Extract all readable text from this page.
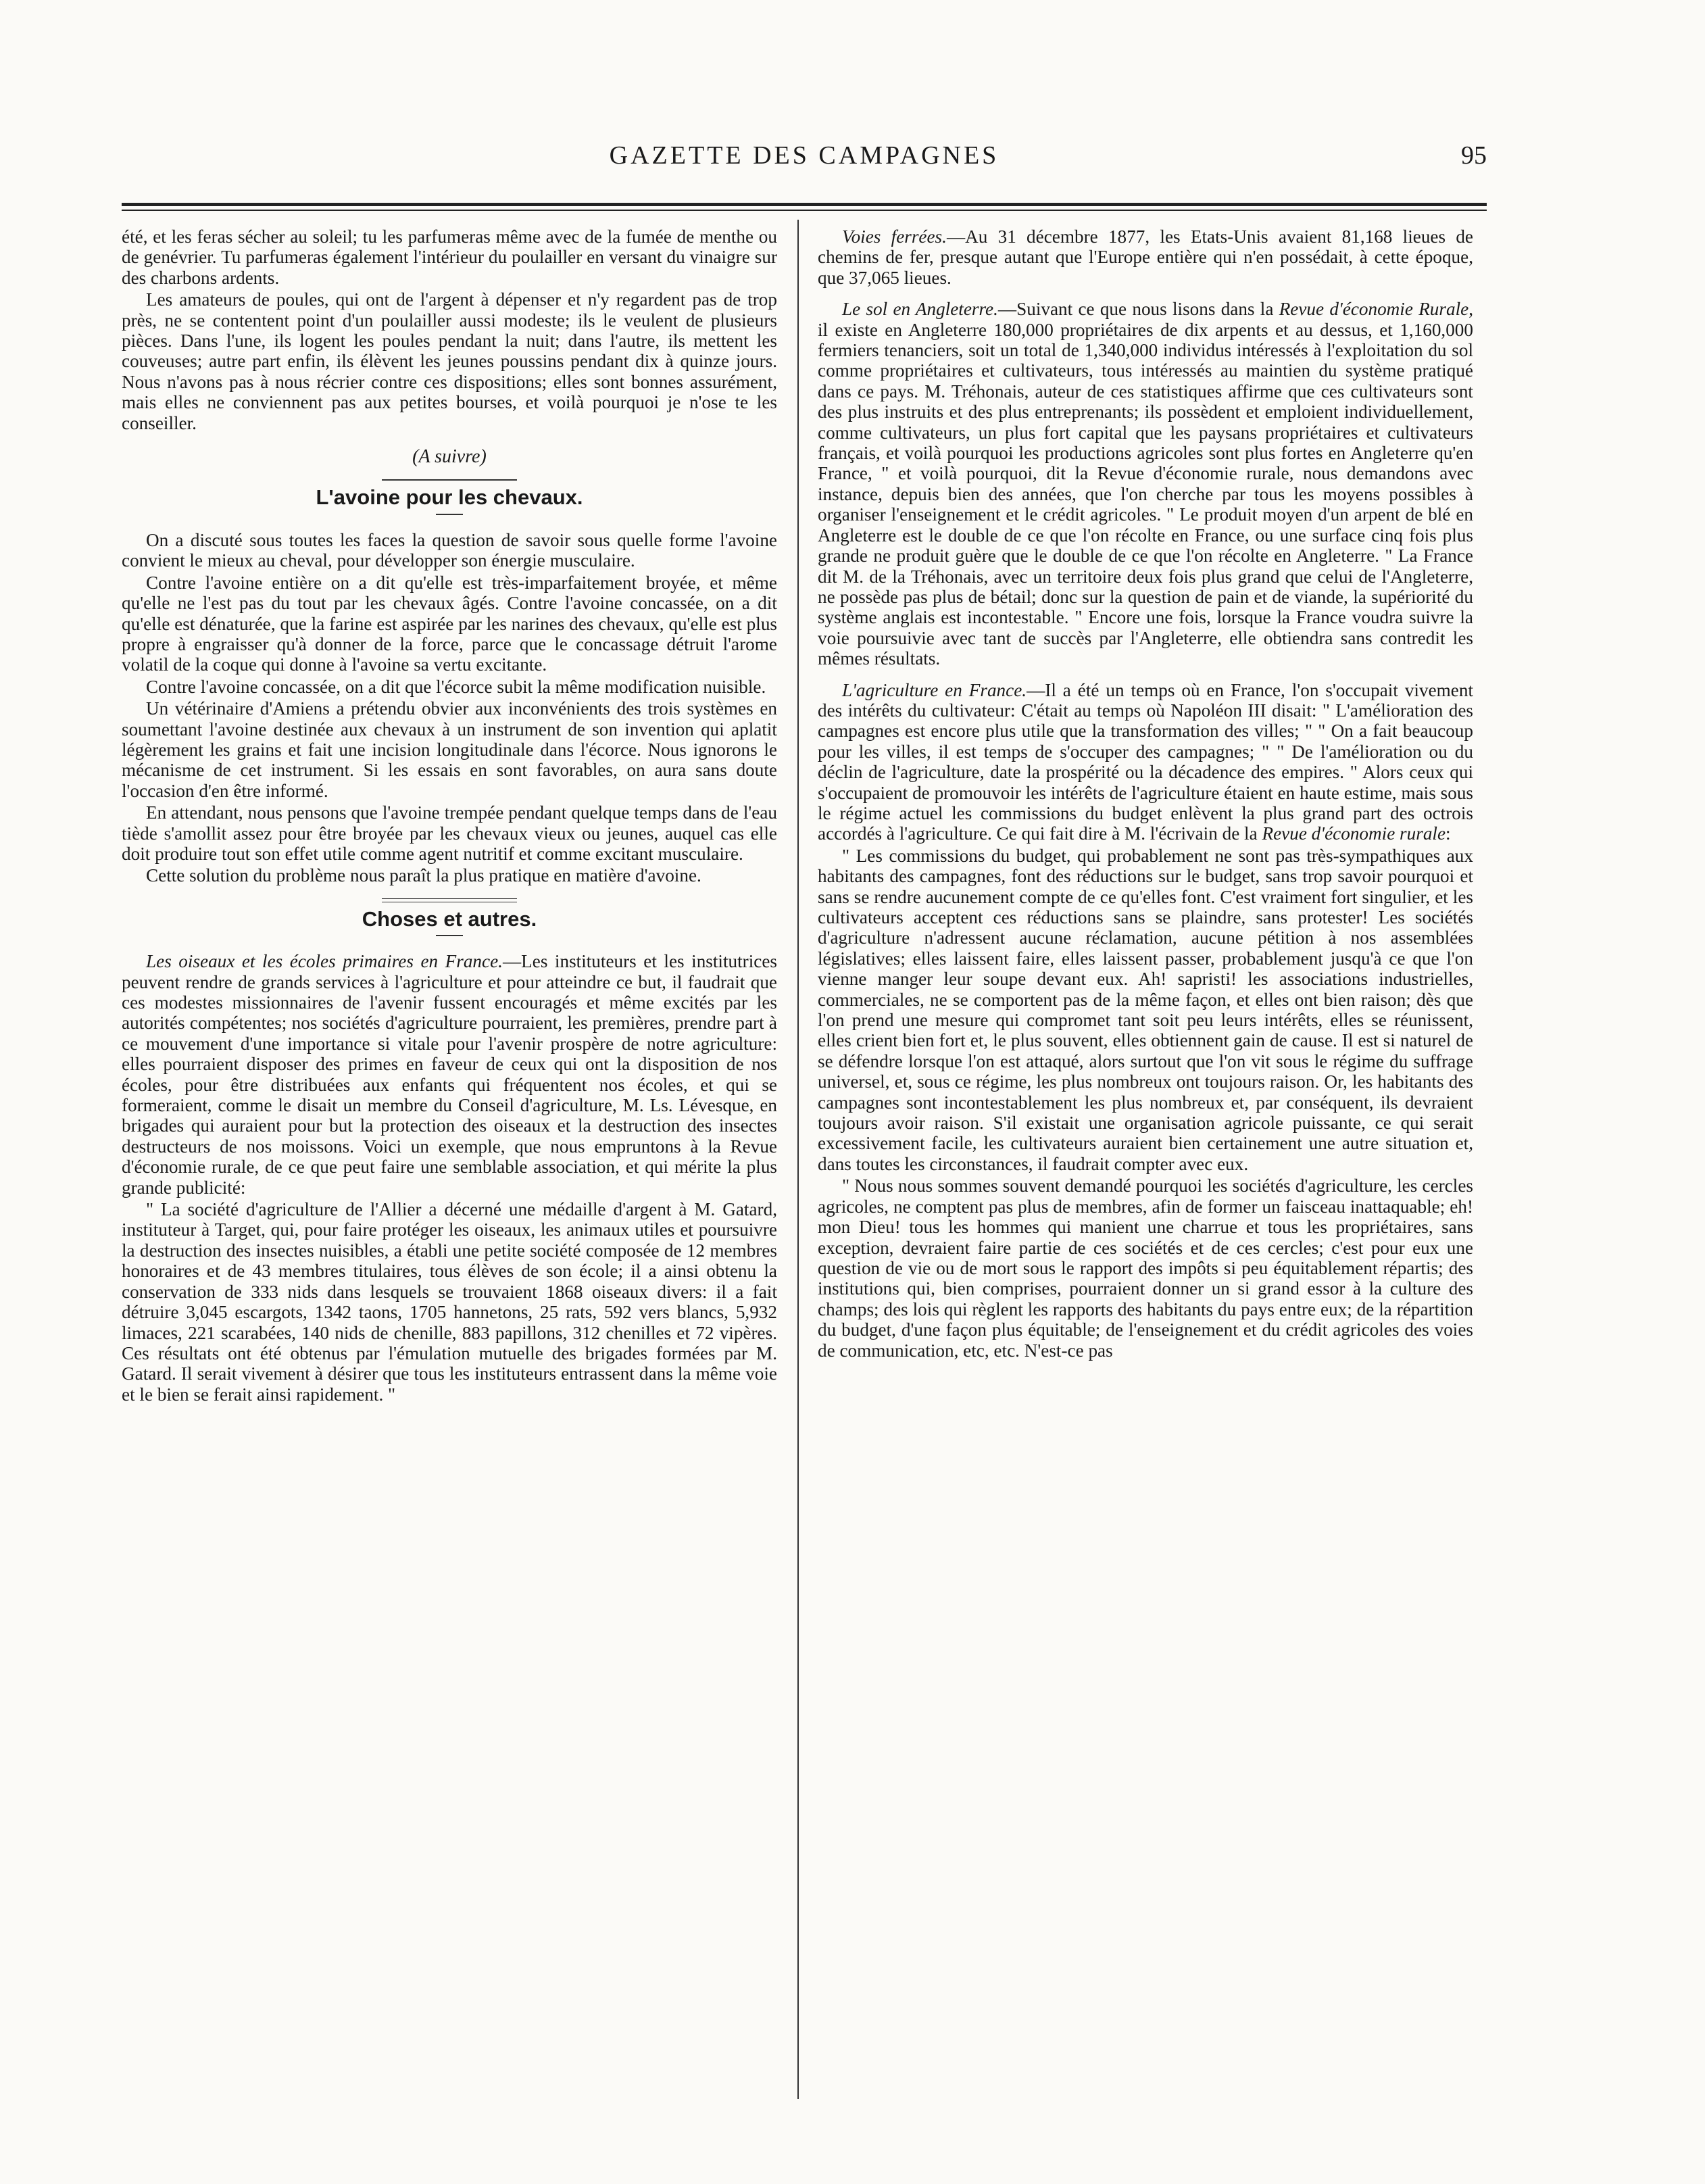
GAZETTE DES CAMPAGNES	95

été, et les feras sécher au soleil; tu les parfumeras même avec de la fumée de menthe ou de genévrier. Tu parfumeras également l'intérieur du poulailler en versant du vinaigre sur des charbons ardents.

Les amateurs de poules, qui ont de l'argent à dépenser et n'y regardent pas de trop près, ne se contentent point d'un poulailler aussi modeste; ils le veulent de plusieurs pièces. Dans l'une, ils logent les poules pendant la nuit; dans l'autre, ils mettent les couveuses; autre part enfin, ils élèvent les jeunes poussins pendant dix à quinze jours. Nous n'avons pas à nous récrier contre ces dispositions; elles sont bonnes assurément, mais elles ne conviennent pas aux petites bourses, et voilà pourquoi je n'ose te les conseiller.

(A suivre)
L'avoine pour les chevaux.

On a discuté sous toutes les faces la question de savoir sous quelle forme l'avoine convient le mieux au cheval, pour développer son énergie musculaire.

Contre l'avoine entière on a dit qu'elle est très-imparfaitement broyée, et même qu'elle ne l'est pas du tout par les chevaux âgés. Contre l'avoine concassée, on a dit qu'elle est dénaturée, que la farine est aspirée par les narines des chevaux, qu'elle est plus propre à engraisser qu'à donner de la force, parce que le concassage détruit l'arome volatil de la coque qui donne à l'avoine sa vertu excitante.

Contre l'avoine concassée, on a dit que l'écorce subit la même modification nuisible.

Un vétérinaire d'Amiens a prétendu obvier aux inconvénients des trois systèmes en soumettant l'avoine destinée aux chevaux à un instrument de son invention qui aplatit légèrement les grains et fait une incision longitudinale dans l'écorce. Nous ignorons le mécanisme de cet instrument. Si les essais en sont favorables, on aura sans doute l'occasion d'en être informé.

En attendant, nous pensons que l'avoine trempée pendant quelque temps dans de l'eau tiède s'amollit assez pour être broyée par les chevaux vieux ou jeunes, auquel cas elle doit produire tout son effet utile comme agent nutritif et comme excitant musculaire.

Cette solution du problème nous paraît la plus pratique en matière d'avoine.

Choses et autres.

Les oiseaux et les écoles primaires en France.—Les instituteurs et les institutrices peuvent rendre de grands services à l'agriculture et pour atteindre ce but, il faudrait que ces modestes missionnaires de l'avenir fussent encouragés et même excités par les autorités compétentes; nos sociétés d'agriculture pourraient, les premières, prendre part à ce mouvement d'une importance si vitale pour l'avenir prospère de notre agriculture: elles pourraient disposer des primes en faveur de ceux qui ont la disposition de nos écoles, pour être distribuées aux enfants qui fréquentent nos écoles, et qui se formeraient, comme le disait un membre du Conseil d'agriculture, M. Ls. Lévesque, en brigades qui auraient pour but la protection des oiseaux et la destruction des insectes destructeurs de nos moissons. Voici un exemple, que nous empruntons à la Revue d'économie rurale, de ce que peut faire une semblable association, et qui mérite la plus grande publicité:

" La société d'agriculture de l'Allier a décerné une médaille d'argent à M. Gatard, instituteur à Target, qui, pour faire protéger les oiseaux, les animaux utiles et poursuivre la destruction des insectes nuisibles, a établi une petite société composée de 12 membres honoraires et de 43 membres titulaires, tous élèves de son école; il a ainsi obtenu la conservation de 333 nids dans lesquels se trouvaient 1868 oiseaux divers: il a fait détruire 3,045 escargots, 1342 taons, 1705 hannetons, 25 rats, 592 vers blancs, 5,932 limaces, 221 scarabées, 140 nids de chenille, 883 papillons, 312 chenilles et 72 vipères. Ces résultats ont été obtenus par l'émulation mutuelle des brigades formées par M. Gatard. Il serait vivement à désirer que tous les instituteurs entrassent dans la même voie et le bien se ferait ainsi rapidement. "

Voies ferrées.—Au 31 décembre 1877, les Etats-Unis avaient 81,168 lieues de chemins de fer, presque autant que l'Europe entière qui n'en possédait, à cette époque, que 37,065 lieues.

Le sol en Angleterre.—Suivant ce que nous lisons dans la Revue d'économie Rurale, il existe en Angleterre 180,000 propriétaires de dix arpents et au dessus, et 1,160,000 fermiers tenanciers, soit un total de 1,340,000 individus intéressés à l'exploitation du sol comme propriétaires et cultivateurs, tous intéressés au maintien du système pratiqué dans ce pays. M. Tréhonais, auteur de ces statistiques affirme que ces cultivateurs sont des plus instruits et des plus entreprenants; ils possèdent et emploient individuellement, comme cultivateurs, un plus fort capital que les paysans propriétaires et cultivateurs français, et voilà pourquoi les productions agricoles sont plus fortes en Angleterre qu'en France, " et voilà pourquoi, dit la Revue d'économie rurale, nous demandons avec instance, depuis bien des années, que l'on cherche par tous les moyens possibles à organiser l'enseignement et le crédit agricoles. " Le produit moyen d'un arpent de blé en Angleterre est le double de ce que l'on récolte en France, ou une surface cinq fois plus grande ne produit guère que le double de ce que l'on récolte en Angleterre. " La France dit M. de la Tréhonais, avec un territoire deux fois plus grand que celui de l'Angleterre, ne possède pas plus de bétail; donc sur la question de pain et de viande, la supériorité du système anglais est incontestable. " Encore une fois, lorsque la France voudra suivre la voie poursuivie avec tant de succès par l'Angleterre, elle obtiendra sans contredit les mêmes résultats.

L'agriculture en France.—Il a été un temps où en France, l'on s'occupait vivement des intérêts du cultivateur: C'était au temps où Napoléon III disait: " L'amélioration des campagnes est encore plus utile que la transformation des villes; " " On a fait beaucoup pour les villes, il est temps de s'occuper des campagnes; " " De l'amélioration ou du déclin de l'agriculture, date la prospérité ou la décadence des empires. " Alors ceux qui s'occupaient de promouvoir les intérêts de l'agriculture étaient en haute estime, mais sous le régime actuel les commissions du budget enlèvent la plus grand part des octrois accordés à l'agriculture. Ce qui fait dire à M. l'écrivain de la Revue d'économie rurale:

" Les commissions du budget, qui probablement ne sont pas très-sympathiques aux habitants des campagnes, font des réductions sur le budget, sans trop savoir pourquoi et sans se rendre aucunement compte de ce qu'elles font. C'est vraiment fort singulier, et les cultivateurs acceptent ces réductions sans se plaindre, sans protester! Les sociétés d'agriculture n'adressent aucune réclamation, aucune pétition à nos assemblées législatives; elles laissent faire, elles laissent passer, probablement jusqu'à ce que l'on vienne manger leur soupe devant eux. Ah! sapristi! les associations industrielles, commerciales, ne se comportent pas de la même façon, et elles ont bien raison; dès que l'on prend une mesure qui compromet tant soit peu leurs intérêts, elles se réunissent, elles crient bien fort et, le plus souvent, elles obtiennent gain de cause. Il est si naturel de se défendre lorsque l'on est attaqué, alors surtout que l'on vit sous le régime du suffrage universel, et, sous ce régime, les plus nombreux ont toujours raison. Or, les habitants des campagnes sont incontestablement les plus nombreux et, par conséquent, ils devraient toujours avoir raison. S'il existait une organisation agricole puissante, ce qui serait excessivement facile, les cultivateurs auraient bien certainement une autre situation et, dans toutes les circonstances, il faudrait compter avec eux.

" Nous nous sommes souvent demandé pourquoi les sociétés d'agriculture, les cercles agricoles, ne comptent pas plus de membres, afin de former un faisceau inattaquable; eh! mon Dieu! tous les hommes qui manient une charrue et tous les propriétaires, sans exception, devraient faire partie de ces sociétés et de ces cercles; c'est pour eux une question de vie ou de mort sous le rapport des impôts si peu équitablement répartis; des institutions qui, bien comprises, pourraient donner un si grand essor à la culture des champs; des lois qui règlent les rapports des habitants du pays entre eux; de la répartition du budget, d'une façon plus équitable; de l'enseignement et du crédit agricoles des voies de communication, etc, etc. N'est-ce pas
